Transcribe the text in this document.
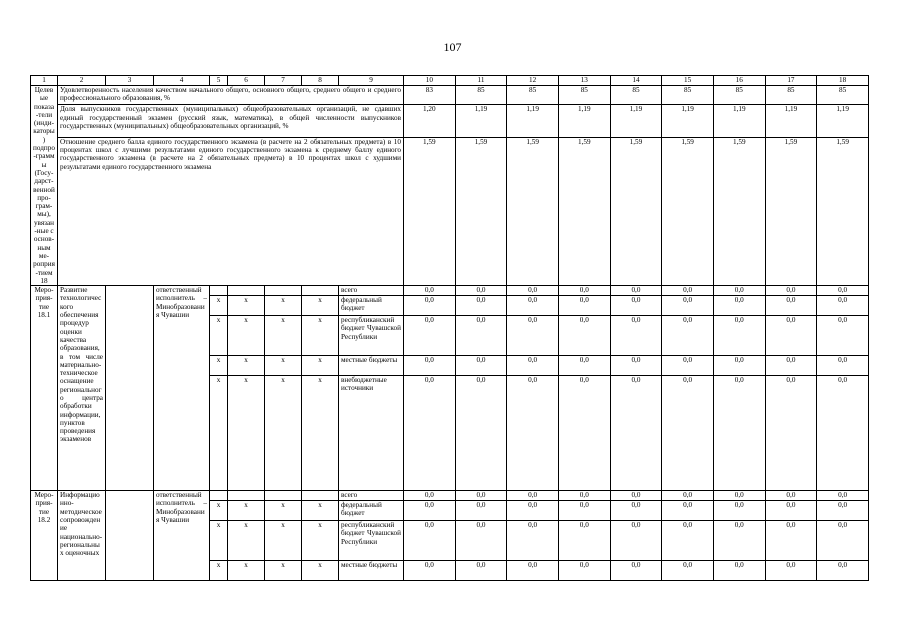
107
1	2	3	4	5	6	7	8	9	10	11	12	13	14	15	16	17	18
Целевые показа-тели (инди-каторы) подпро-граммы (Госу-дарст-венной про-грам-мы), увязан-ные с основ-ным ме-роприя-тием 18	Удовлетворенность населения качеством начального общего, основного общего, среднего общего и среднего профессионального образования, %								83	85	85	85	85	85	85	85	85
	Доля выпускников государственных (муниципальных) общеобразовательных организаций, не сдавших единый государственный экзамен (русский язык, математика), в общей численности выпускников государственных (муниципальных) общеобразовательных организаций, %								1,20	1,19	1,19	1,19	1,19	1,19	1,19	1,19	1,19
	Отношение среднего балла единого государственного экзамена (в расчете на 2 обязательных предмета) в 10 процентах школ с лучшими результатами единого государственного экзамена к среднему баллу единого государственного экзамена (в расчете на 2 обязательных предмета) в 10 процентах школ с худшими результатами единого государственного экзамена								1,59	1,59	1,59	1,59	1,59	1,59	1,59	1,59	1,59
Меро-прия-тие 18.1	Развитие технологического обеспечения процедур оценки качества образования, в том числе материально-техническое оснащение регионального центра обработки информации, пунктов проведения экзаменов		ответственный исполнитель – Минобразования Чувашии					всего	0,0	0,0	0,0	0,0	0,0	0,0	0,0	0,0	0,0
				х	х	х	х	федеральный бюджет	0,0	0,0	0,0	0,0	0,0	0,0	0,0	0,0	0,0
				х	х	х	х	республиканский бюджет Чувашской Республики	0,0	0,0	0,0	0,0	0,0	0,0	0,0	0,0	0,0
				х	х	х	х	местные бюджеты	0,0	0,0	0,0	0,0	0,0	0,0	0,0	0,0	0,0
				х	х	х	х	внебюджетные источники	0,0	0,0	0,0	0,0	0,0	0,0	0,0	0,0	0,0
Меро-прия-тие 18.2	Информационно-методическое сопровождение национально-региональных оценочных		ответственный исполнитель – Минобразования Чувашии					всего	0,0	0,0	0,0	0,0	0,0	0,0	0,0	0,0	0,0
				х	х	х	х	федеральный бюджет	0,0	0,0	0,0	0,0	0,0	0,0	0,0	0,0	0,0
				х	х	х	х	республиканский бюджет Чувашской Республики	0,0	0,0	0,0	0,0	0,0	0,0	0,0	0,0	0,0
				х	х	х	х	местные бюджеты	0,0	0,0	0,0	0,0	0,0	0,0	0,0	0,0	0,0
